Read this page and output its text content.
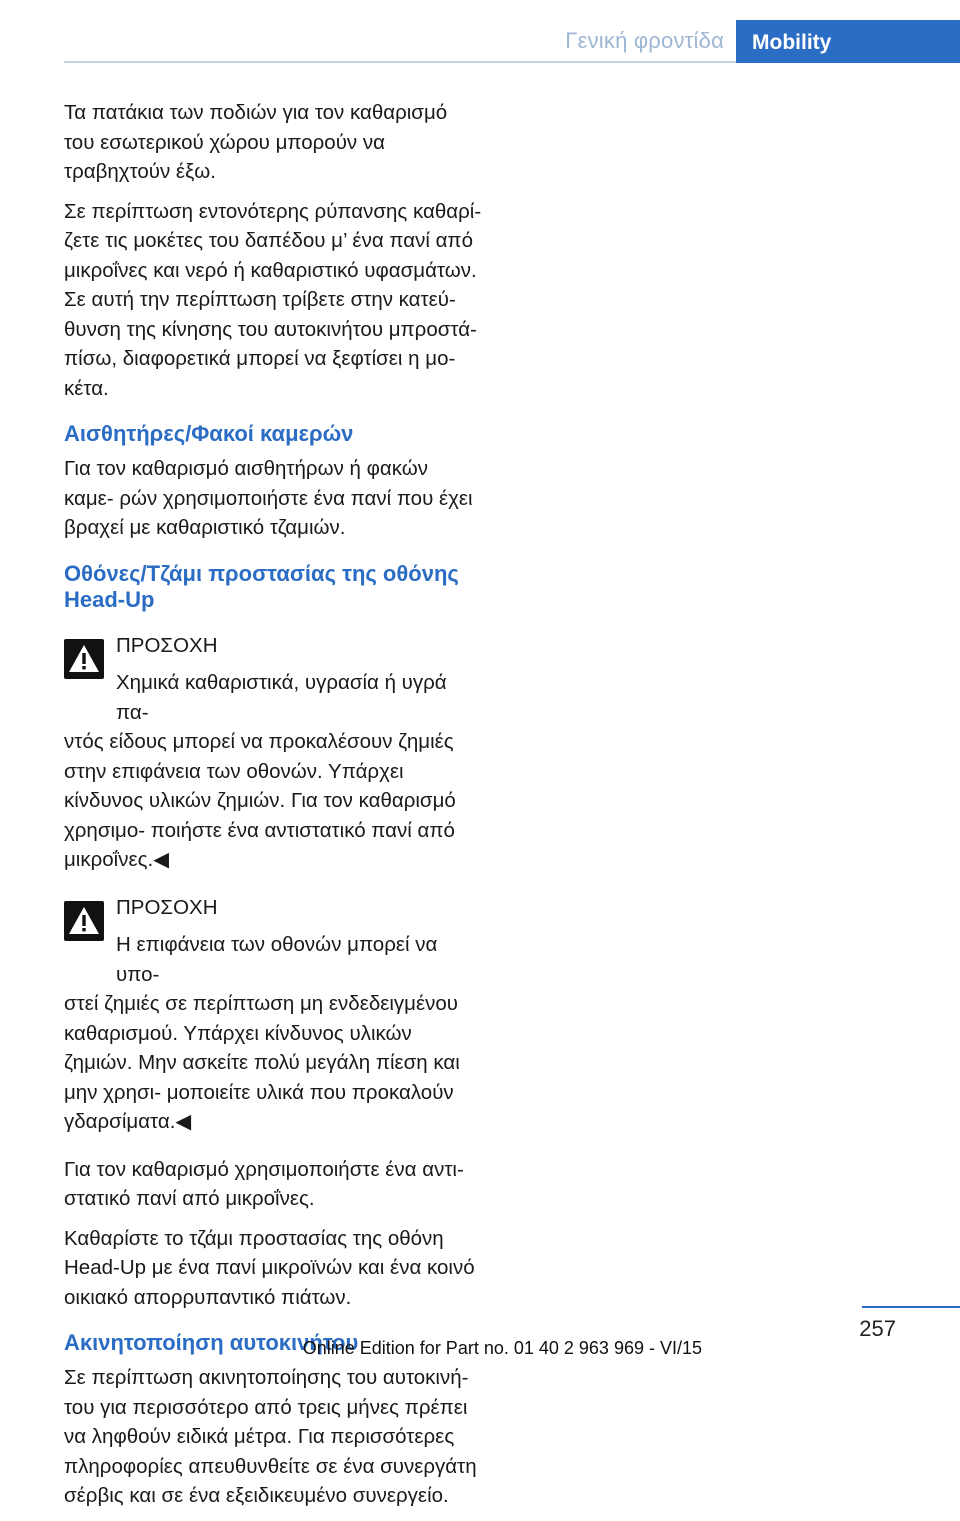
Γενική φροντίδα	Mobility

Τα πατάκια των ποδιών για τον καθαρισμό του εσωτερικού χώρου μπορούν να τραβηχτούν έξω.

Σε περίπτωση εντονότερης ρύπανσης καθαρί‐ ζετε τις μοκέτες του δαπέδου μ’ ένα πανί από μικροΐνες και νερό ή καθαριστικό υφασμάτων. Σε αυτή την περίπτωση τρίβετε στην κατεύ‐ θυνση της κίνησης του αυτοκινήτου μπροστά- πίσω, διαφορετικά μπορεί να ξεφτίσει η μο‐ κέτα.

Αισθητήρες/Φακοί καμερών

Για τον καθαρισμό αισθητήρων ή φακών καμε‐ ρών χρησιμοποιήστε ένα πανί που έχει βραχεί με καθαριστικό τζαμιών.

Οθόνες/Τζάμι προστασίας της οθόνης Head-Up

ΠΡΟΣΟΧΗ

Χημικά καθαριστικά, υγρασία ή υγρά πα‐
ντός είδους μπορεί να προκαλέσουν ζημιές στην επιφάνεια των οθονών. Υπάρχει κίνδυνος υλικών ζημιών. Για τον καθαρισμό χρησιμο‐ ποιήστε ένα αντιστατικό πανί από μικροΐνες.◀

ΠΡΟΣΟΧΗ

Η επιφάνεια των οθονών μπορεί να υπο‐
στεί ζημιές σε περίπτωση μη ενδεδειγμένου καθαρισμού. Υπάρχει κίνδυνος υλικών ζημιών. Μην ασκείτε πολύ μεγάλη πίεση και μην χρησι‐ μοποιείτε υλικά που προκαλούν γδαρσίματα.◀

Για τον καθαρισμό χρησιμοποιήστε ένα αντι‐ στατικό πανί από μικροΐνες.

Καθαρίστε το τζάμι προστασίας της οθόνη Head-Up με ένα πανί μικροϊνών και ένα κοινό οικιακό απορρυπαντικό πιάτων.

Ακινητοποίηση αυτοκινήτου

Σε περίπτωση ακινητοποίησης του αυτοκινή‐ του για περισσότερο από τρεις μήνες πρέπει να ληφθούν ειδικά μέτρα. Για περισσότερες πληροφορίες απευθυνθείτε σε ένα συνεργάτη σέρβις και σε ένα εξειδικευμένο συνεργείο.

257
Online Edition for Part no. 01 40 2 963 969 - VI/15
